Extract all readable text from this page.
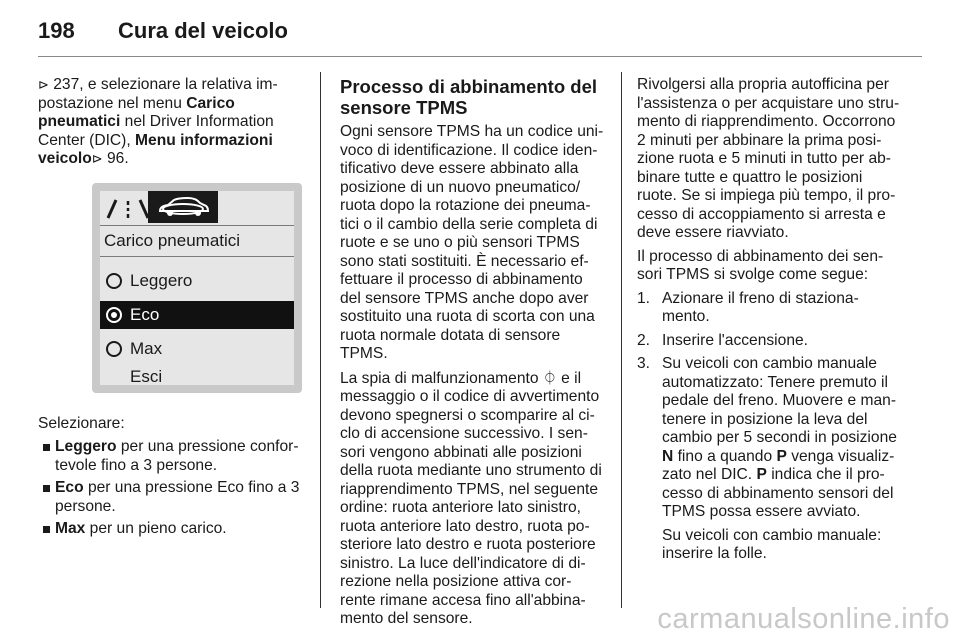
198 Cura del veicolo

⊳ 237, e selezionare la relativa im-postazione nel menu Carico pneumatici nel Driver Information Center (DIC), Menu informazioni veicolo⊳ 96.

Carico pneumatici
Leggero
Eco
Max
Esci

Selezionare:

Leggero per una pressione confor-tevole fino a 3 persone.
Eco per una pressione Eco fino a 3 persone.
Max per un pieno carico.

Processo di abbinamento del sensore TPMS

Ogni sensore TPMS ha un codice uni-voco di identificazione. Il codice iden-tificativo deve essere abbinato alla posizione di un nuovo pneumatico/ ruota dopo la rotazione dei pneuma-tici o il cambio della serie completa di ruote e se uno o più sensori TPMS sono stati sostituiti. È necessario ef-fettuare il processo di abbinamento del sensore TPMS anche dopo aver sostituito una ruota di scorta con una ruota normale dotata di sensore TPMS.

La spia di malfunzionamento ⏀ e il messaggio o il codice di avvertimento devono spegnersi o scomparire al ci-clo di accensione successivo. I sen-sori vengono abbinati alle posizioni della ruota mediante uno strumento di riapprendimento TPMS, nel seguente ordine: ruota anteriore lato sinistro, ruota anteriore lato destro, ruota po-steriore lato destro e ruota posteriore sinistro. La luce dell'indicatore di di-rezione nella posizione attiva cor-rente rimane accesa fino all'abbina-mento del sensore.

Rivolgersi alla propria autofficina per l'assistenza o per acquistare uno stru-mento di riapprendimento. Occorrono 2 minuti per abbinare la prima posi-zione ruota e 5 minuti in tutto per ab-binare tutte e quattro le posizioni ruote. Se si impiega più tempo, il pro-cesso di accoppiamento si arresta e deve essere riavviato.

Il processo di abbinamento dei sen-sori TPMS si svolge come segue:

1. Azionare il freno di staziona-mento.
2. Inserire l'accensione.
3. Su veicoli con cambio manuale automatizzato: Tenere premuto il pedale del freno. Muovere e man-tenere in posizione la leva del cambio per 5 secondi in posizione N fino a quando P venga visualiz-zato nel DIC. P indica che il pro-cesso di abbinamento sensori del TPMS possa essere avviato.

Su veicoli con cambio manuale: inserire la folle.

carmanualsonline.info
